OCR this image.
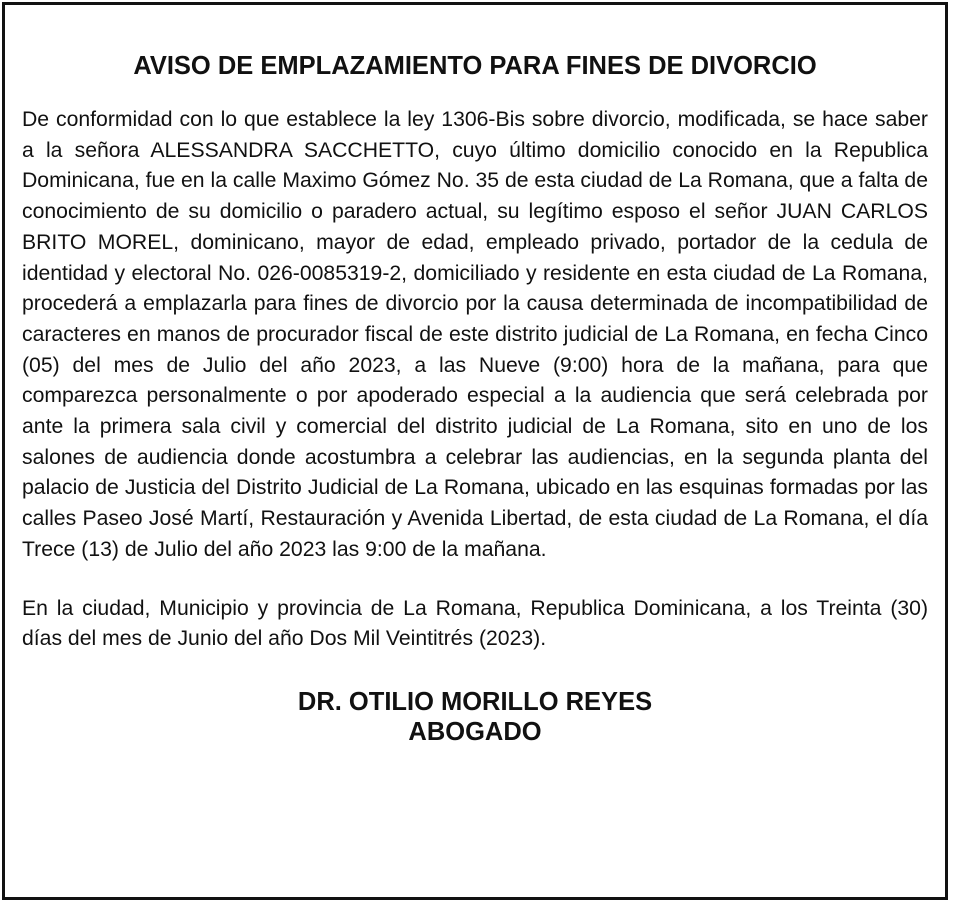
AVISO DE EMPLAZAMIENTO PARA FINES DE DIVORCIO

De conformidad con lo que establece la ley 1306-Bis sobre divorcio, modificada, se hace saber a la señora ALESSANDRA SACCHETTO, cuyo último domicilio conocido en la Republica Dominicana, fue en la calle Maximo Gómez No. 35 de esta ciudad de La Romana, que a falta de conocimiento de su domicilio o paradero actual, su legítimo esposo el señor JUAN CARLOS BRITO MOREL, dominicano, mayor de edad, empleado privado, portador de la cedula de identidad y electoral No. 026-0085319-2, domiciliado y residente en esta ciudad de La Romana, procederá a emplazarla para fines de divorcio por la causa determinada de incompatibilidad de caracteres en manos de procurador fiscal de este distrito judicial de La Romana, en fecha Cinco (05) del mes de Julio del año 2023, a las Nueve (9:00) hora de la mañana, para que comparezca personalmente o por apoderado especial a la audiencia que será celebrada por ante la primera sala civil y comercial del distrito judicial de La Romana, sito en uno de los salones de audiencia donde acostumbra a celebrar las audiencias, en la segunda planta del palacio de Justicia del Distrito Judicial de La Romana, ubicado en las esquinas formadas por las calles Paseo José Martí, Restauración y Avenida Libertad, de esta ciudad de La Romana, el día Trece (13) de Julio del año 2023 las 9:00 de la mañana.

En la ciudad, Municipio y provincia de La Romana, Republica Dominicana, a los Treinta (30) días del mes de Junio del año Dos Mil Veintitrés (2023).

DR. OTILIO MORILLO REYES
ABOGADO
